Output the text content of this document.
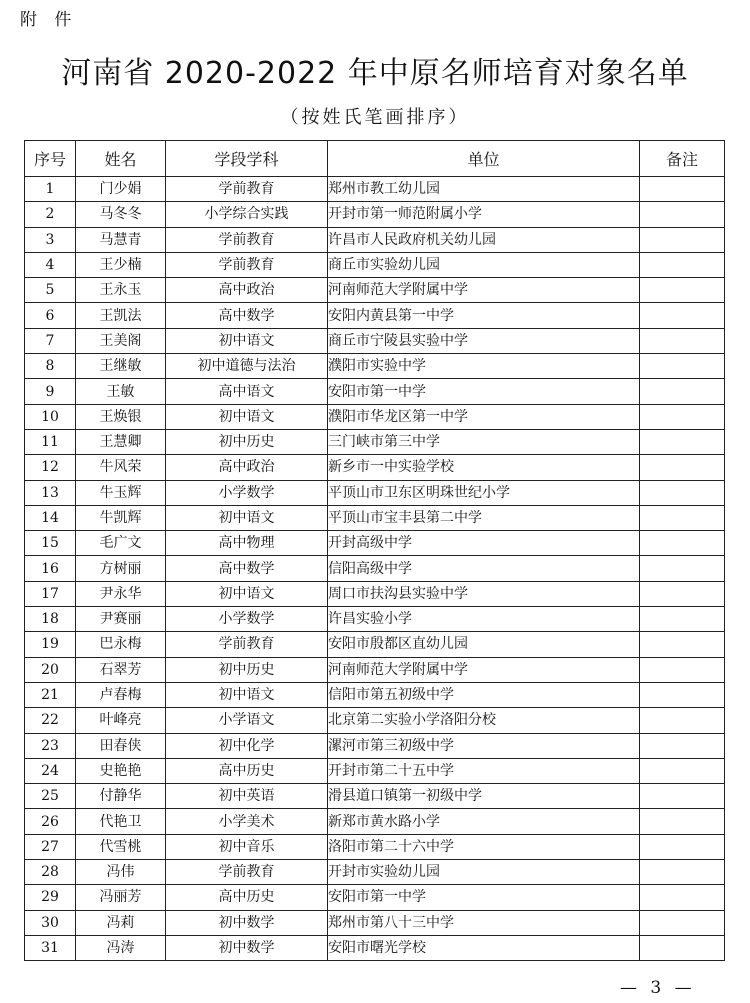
附 件
河南省 2020-2022 年中原名师培育对象名单
（按姓氏笔画排序）
序号	姓名	学段学科	单位	备注
1	门少娟	学前教育	郑州市教工幼儿园	
2	马冬冬	小学综合实践	开封市第一师范附属小学	
3	马慧青	学前教育	许昌市人民政府机关幼儿园	
4	王少楠	学前教育	商丘市实验幼儿园	
5	王永玉	高中政治	河南师范大学附属中学	
6	王凯法	高中数学	安阳内黄县第一中学	
7	王美阁	初中语文	商丘市宁陵县实验中学	
8	王继敏	初中道德与法治	濮阳市实验中学	
9	王敏	高中语文	安阳市第一中学	
10	王焕银	初中语文	濮阳市华龙区第一中学	
11	王慧卿	初中历史	三门峡市第三中学	
12	牛风荣	高中政治	新乡市一中实验学校	
13	牛玉辉	小学数学	平顶山市卫东区明珠世纪小学	
14	牛凯辉	初中语文	平顶山市宝丰县第二中学	
15	毛广文	高中物理	开封高级中学	
16	方树丽	高中数学	信阳高级中学	
17	尹永华	初中语文	周口市扶沟县实验中学	
18	尹赛丽	小学数学	许昌实验小学	
19	巴永梅	学前教育	安阳市殷都区直幼儿园	
20	石翠芳	初中历史	河南师范大学附属中学	
21	卢春梅	初中语文	信阳市第五初级中学	
22	叶峰亮	小学语文	北京第二实验小学洛阳分校	
23	田春侠	初中化学	漯河市第三初级中学	
24	史艳艳	高中历史	开封市第二十五中学	
25	付静华	初中英语	滑县道口镇第一初级中学	
26	代艳卫	小学美术	新郑市黄水路小学	
27	代雪桃	初中音乐	洛阳市第二十六中学	
28	冯伟	学前教育	开封市实验幼儿园	
29	冯丽芳	高中历史	安阳市第一中学	
30	冯莉	初中数学	郑州市第八十三中学	
31	冯涛	初中数学	安阳市曙光学校	
— 3 —
